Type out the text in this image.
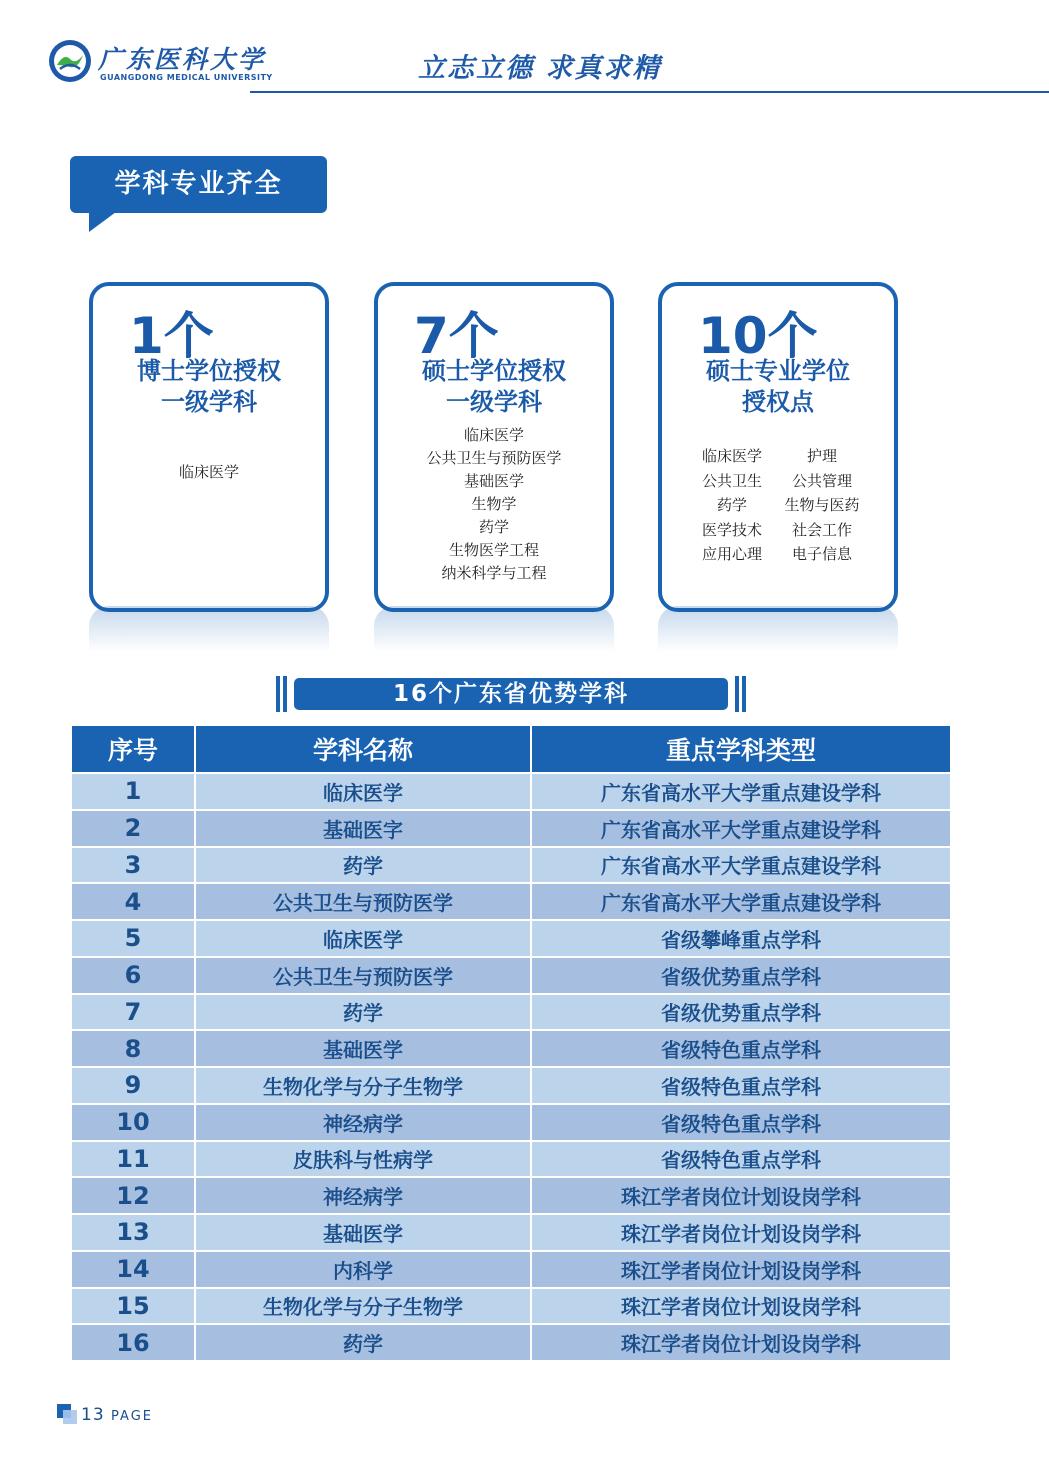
广东医科大学
GUANGDONG MEDICAL UNIVERSITY	立志立德 求真求精
学科专业齐全
1个
博士学位授权
一级学科
临床医学
7个
硕士学位授权
一级学科
临床医学
公共卫生与预防医学
基础医学
生物学
药学
生物医学工程
纳米科学与工程
10个
硕士专业学位
授权点
临床医学	护理
公共卫生	公共管理
药学	生物与医药
医学技术	社会工作
应用心理	电子信息
16个广东省优势学科
序号	学科名称	重点学科类型
1	临床医学	广东省高水平大学重点建设学科
2	基础医字	广东省高水平大学重点建设学科
3	药学	广东省高水平大学重点建设学科
4	公共卫生与预防医学	广东省高水平大学重点建设学科
5	临床医学	省级攀峰重点学科
6	公共卫生与预防医学	省级优势重点学科
7	药学	省级优势重点学科
8	基础医学	省级特色重点学科
9	生物化学与分子生物学	省级特色重点学科
10	神经病学	省级特色重点学科
11	皮肤科与性病学	省级特色重点学科
12	神经病学	珠江学者岗位计划设岗学科
13	基础医学	珠江学者岗位计划设岗学科
14	内科学	珠江学者岗位计划设岗学科
15	生物化学与分子生物学	珠江学者岗位计划设岗学科
16	药学	珠江学者岗位计划设岗学科
13 PAGE
